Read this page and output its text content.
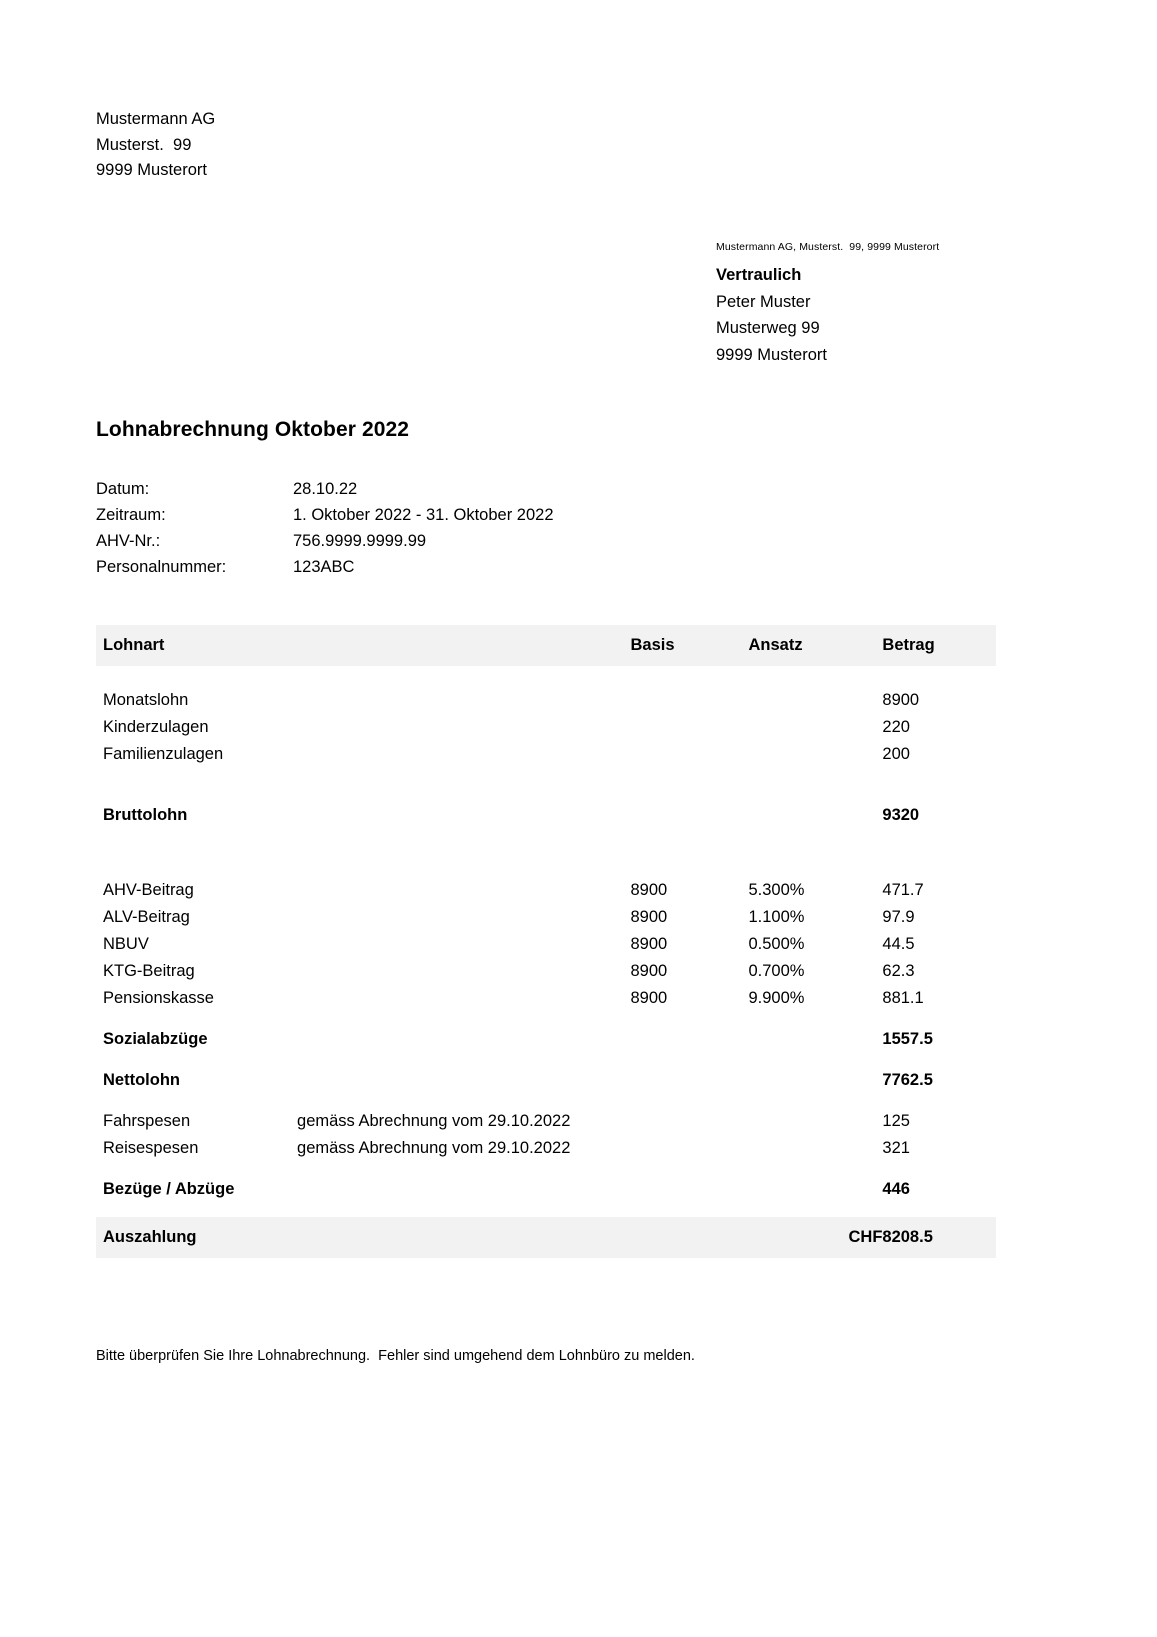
Mustermann AG
Musterst.  99
9999 Musterort
Mustermann AG, Musterst.  99, 9999 Musterort
Vertraulich
Peter Muster
Musterweg 99
9999 Musterort
Lohnabrechnung Oktober 2022
Datum:	28.10.22
Zeitraum:	1. Oktober 2022 - 31. Oktober 2022
AHV-Nr.:	756.9999.9999.99
Personalnummer:	123ABC
Lohnart		Basis	Ansatz	Betrag

Monatslohn				8900
Kinderzulagen				220
Familienzulagen				200

Bruttolohn				9320

AHV-Beitrag		8900	5.300%	471.7
ALV-Beitrag		8900	1.100%	97.9
NBUV		8900	0.500%	44.5
KTG-Beitrag		8900	0.700%	62.3
Pensionskasse		8900	9.900%	881.1

Sozialabzüge				1557.5

Nettolohn				7762.5

Fahrspesen	gemäss Abrechnung vom 29.10.2022			125
Reisespesen	gemäss Abrechnung vom 29.10.2022			321

Bezüge / Abzüge				446

Auszahlung			CHF	8208.5
Bitte überprüfen Sie Ihre Lohnabrechnung.  Fehler sind umgehend dem Lohnbüro zu melden.
